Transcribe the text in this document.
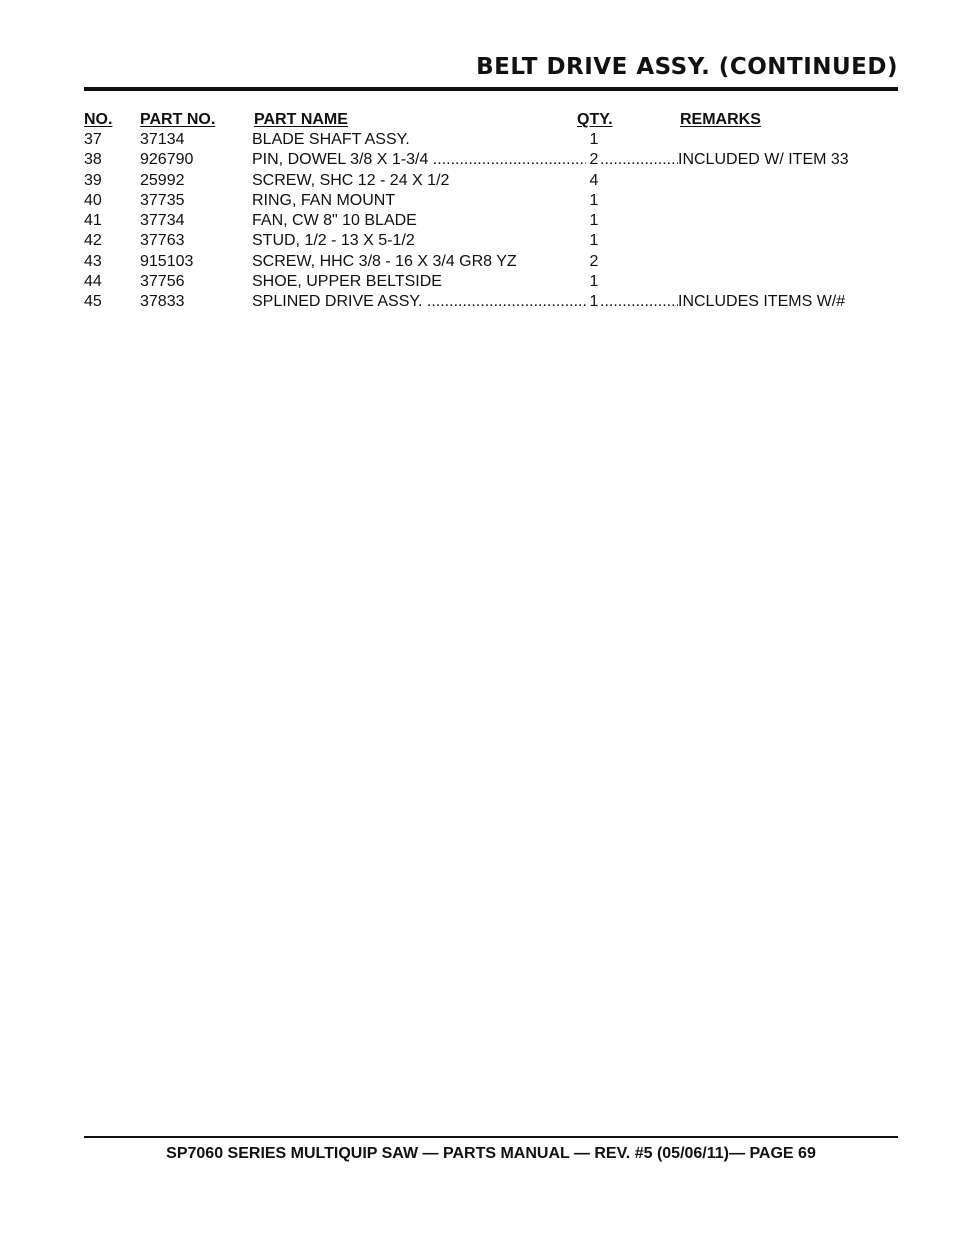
BELT DRIVE ASSY. (CONTINUED)
NO. PART NO. PART NAME	QTY.	REMARKS
37 37134	BLADE SHAFT ASSY.	1
38 926790	PIN, DOWEL 3/8 X 1-3/4 .....	2	..... INCLUDED W/ ITEM 33
39 25992	SCREW, SHC 12 - 24 X 1/2	4
40 37735	RING, FAN MOUNT	1
41 37734	FAN, CW 8" 10 BLADE	1
42 37763	STUD, 1/2 - 13 X 5-1/2	1
43 915103	SCREW, HHC 3/8 - 16 X 3/4 GR8 YZ	2
44 37756	SHOE, UPPER BELTSIDE	1
45 37833	SPLINED DRIVE ASSY. .....	1	..... INCLUDES ITEMS W/#
SP7060 SERIES MULTIQUIP SAW — PARTS MANUAL — REV. #5 (05/06/11)— PAGE 69
